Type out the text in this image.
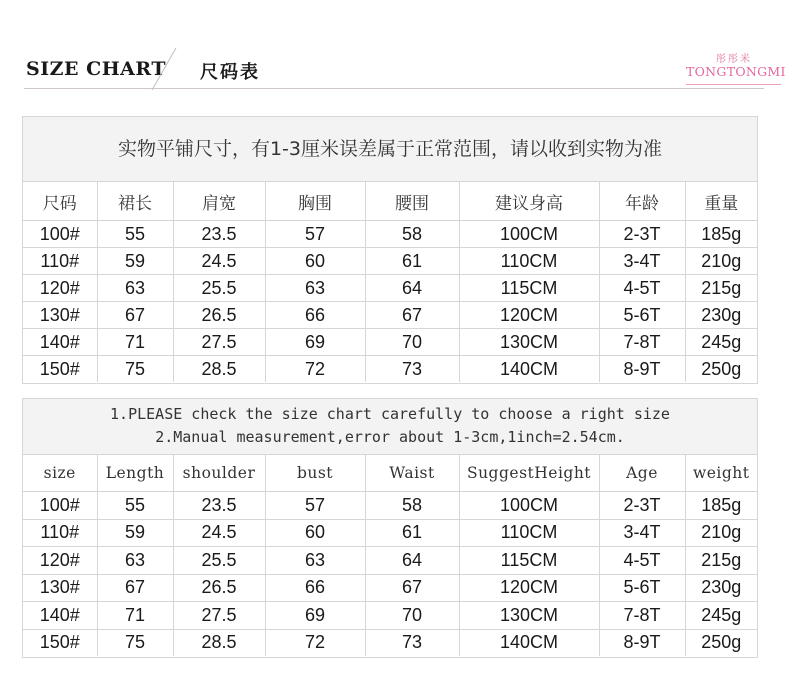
SIZE CHART 尺码表
彤彤米
TONGTONGMI
实物平铺尺寸，有1-3厘米误差属于正常范围，请以收到实物为准
尺码	裙长	肩宽	胸围	腰围	建议身高	年龄	重量
100#	55	23.5	57	58	100CM	2-3T	185g
110#	59	24.5	60	61	110CM	3-4T	210g
120#	63	25.5	63	64	115CM	4-5T	215g
130#	67	26.5	66	67	120CM	5-6T	230g
140#	71	27.5	69	70	130CM	7-8T	245g
150#	75	28.5	72	73	140CM	8-9T	250g
1.PLEASE check the size chart carefully to choose a right size
2.Manual measurement,error about 1-3cm,1inch=2.54cm.
size	Length	shoulder	bust	Waist	SuggestHeight	Age	weight
100#	55	23.5	57	58	100CM	2-3T	185g
110#	59	24.5	60	61	110CM	3-4T	210g
120#	63	25.5	63	64	115CM	4-5T	215g
130#	67	26.5	66	67	120CM	5-6T	230g
140#	71	27.5	69	70	130CM	7-8T	245g
150#	75	28.5	72	73	140CM	8-9T	250g
